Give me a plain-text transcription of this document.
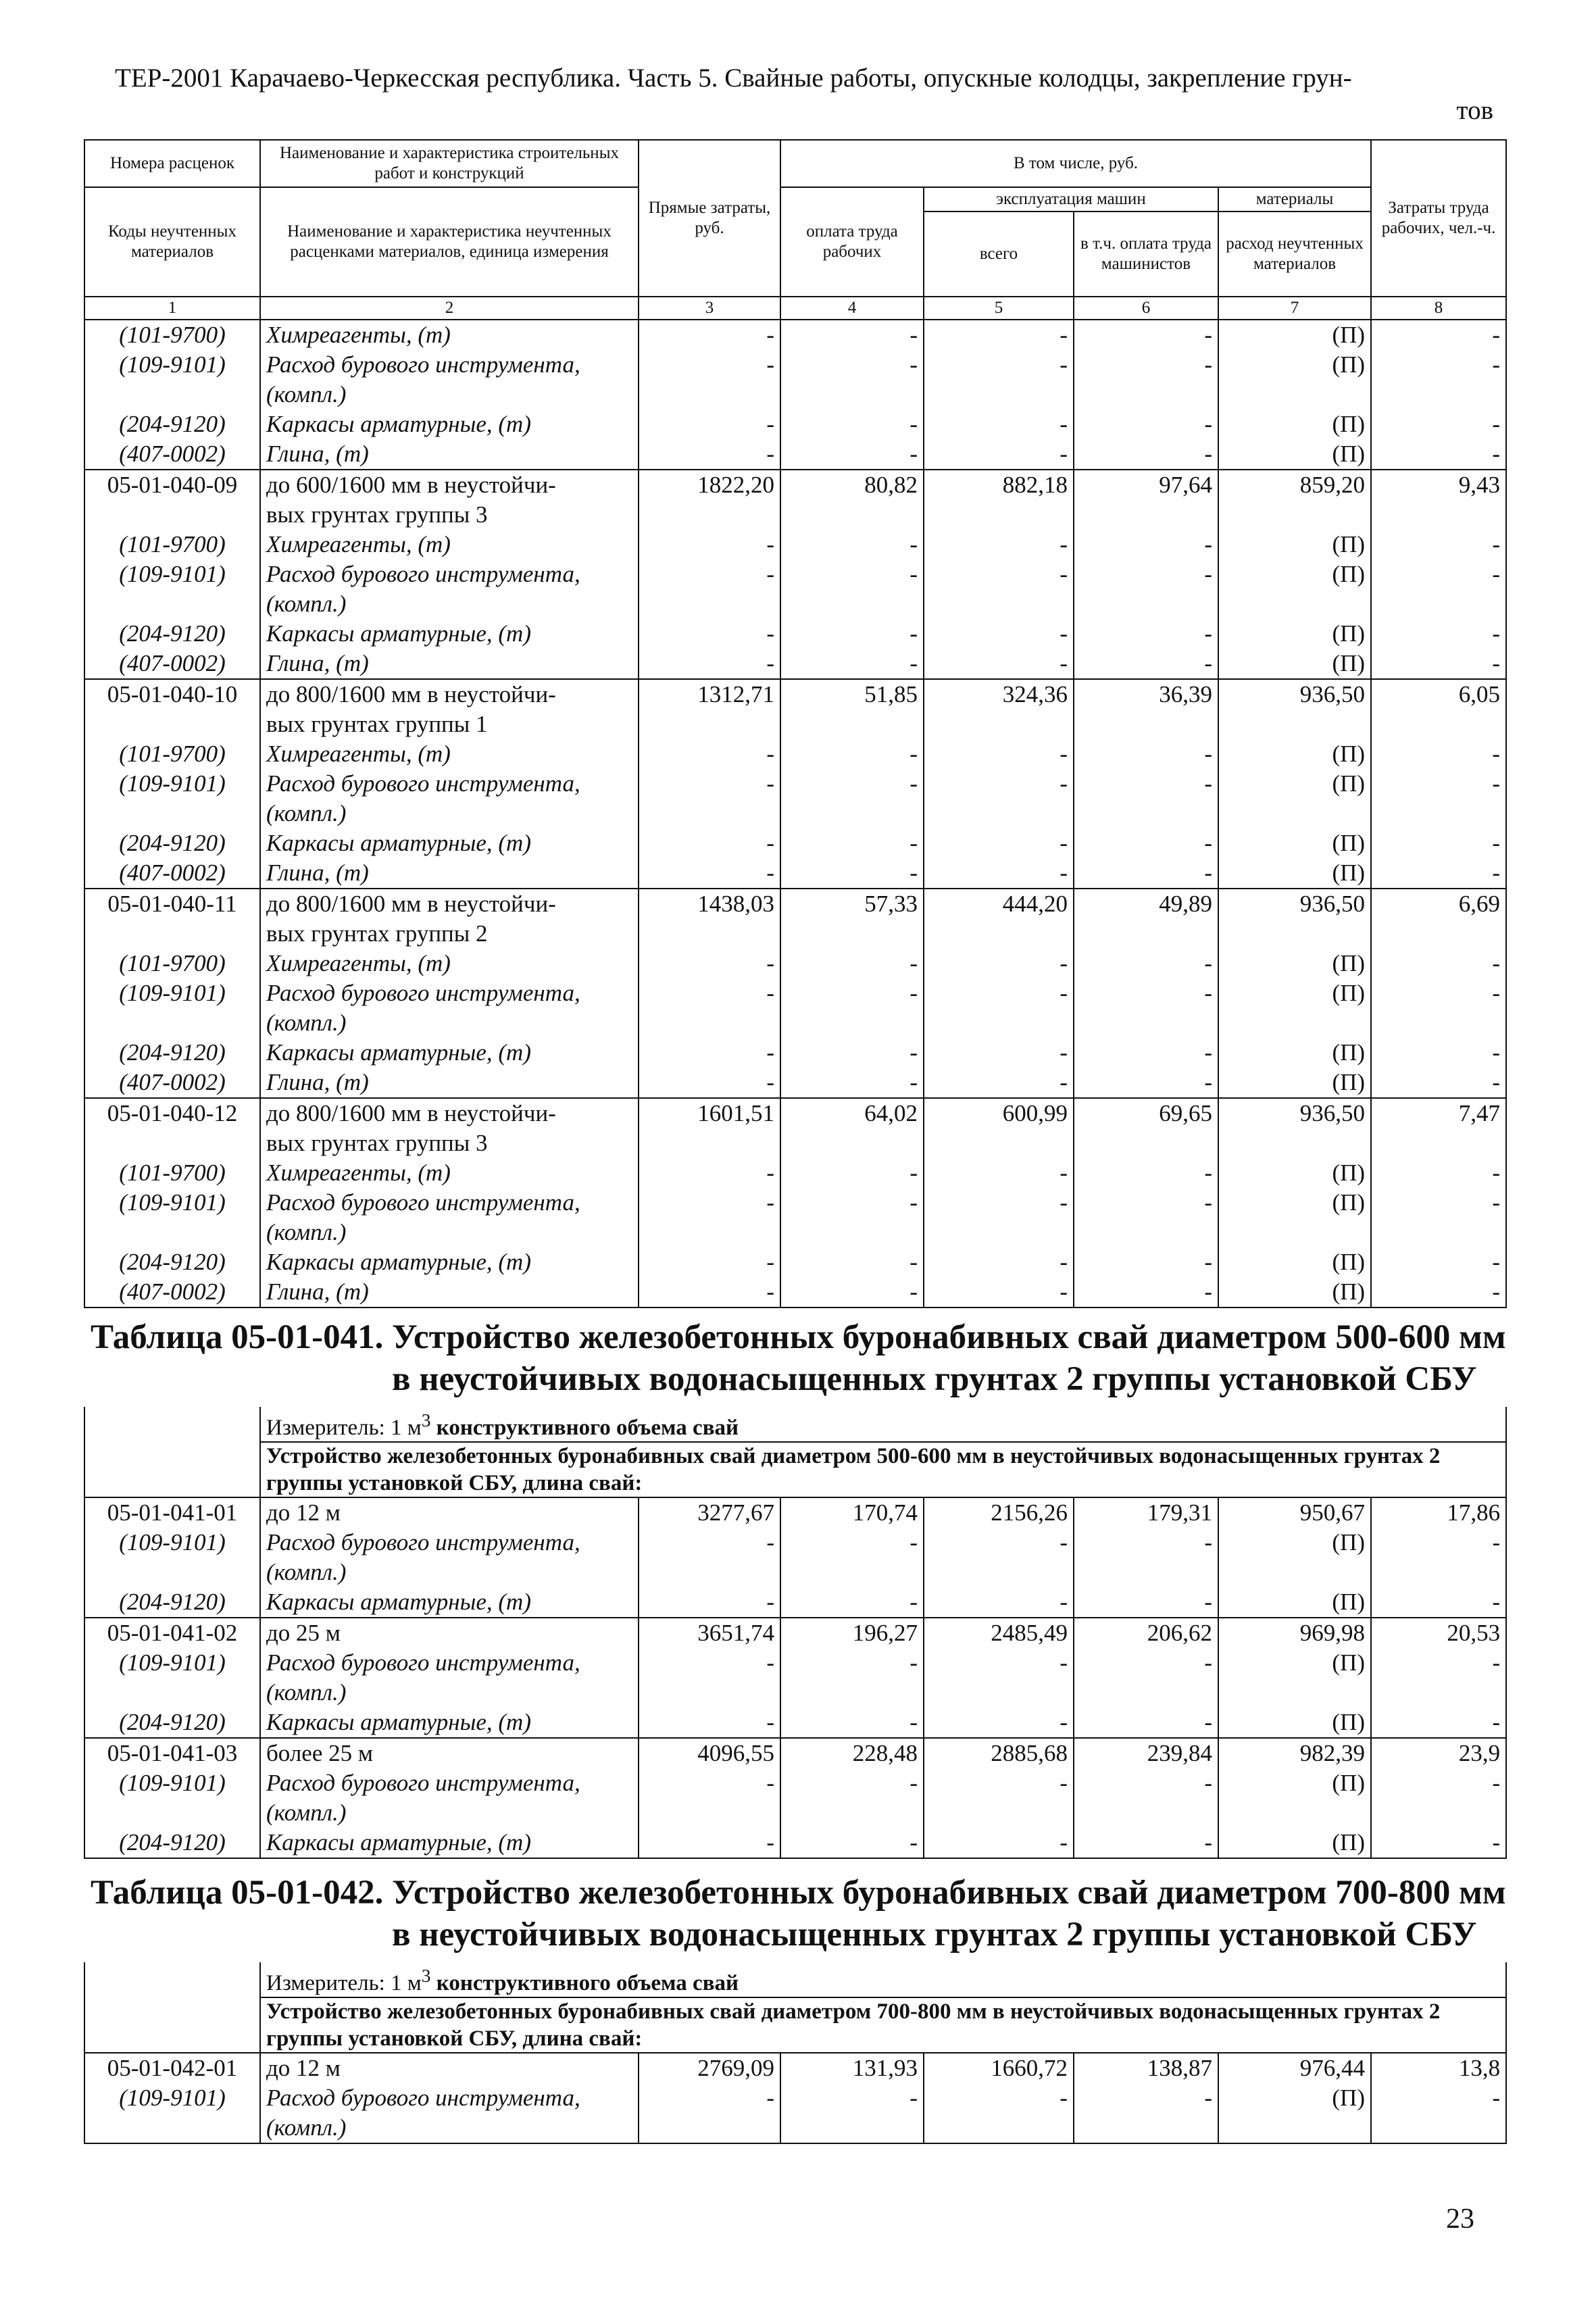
ТЕР-2001 Карачаево-Черкесская республика. Часть 5. Свайные работы, опускные колодцы, закрепление грун-
тов
Номера расценок	Наименование и характеристика строительных работ и конструкций	Прямые затраты, руб.	В том числе, руб.				Затраты труда рабочих, чел.-ч.
Коды неучтенных материалов	Наименование и характеристика неучтенных расценками материалов, единица измерения		оплата труда рабочих	эксплуатация машин		материалы	
				всего	в т.ч. оплата труда машинистов	расход неучтенных материалов	
1	2	3	4	5	6	7	8
(101-9700)	Химреагенты, (т)	-	-	-	-	(П)	-
(109-9101)	Расход бурового инструмента,	-	-	-	-	(П)	-
	(компл.)						
(204-9120)	Каркасы арматурные, (т)	-	-	-	-	(П)	-
(407-0002)	Глина, (т)	-	-	-	-	(П)	-
05-01-040-09	до 600/1600 мм в неустойчи-	1822,20	80,82	882,18	97,64	859,20	9,43
	вых грунтах группы 3						
(101-9700)	Химреагенты, (т)	-	-	-	-	(П)	-
(109-9101)	Расход бурового инструмента,	-	-	-	-	(П)	-
	(компл.)						
(204-9120)	Каркасы арматурные, (т)	-	-	-	-	(П)	-
(407-0002)	Глина, (т)	-	-	-	-	(П)	-
05-01-040-10	до 800/1600 мм в неустойчи-	1312,71	51,85	324,36	36,39	936,50	6,05
	вых грунтах группы 1						
(101-9700)	Химреагенты, (т)	-	-	-	-	(П)	-
(109-9101)	Расход бурового инструмента,	-	-	-	-	(П)	-
	(компл.)						
(204-9120)	Каркасы арматурные, (т)	-	-	-	-	(П)	-
(407-0002)	Глина, (т)	-	-	-	-	(П)	-
05-01-040-11	до 800/1600 мм в неустойчи-	1438,03	57,33	444,20	49,89	936,50	6,69
	вых грунтах группы 2						
(101-9700)	Химреагенты, (т)	-	-	-	-	(П)	-
(109-9101)	Расход бурового инструмента,	-	-	-	-	(П)	-
	(компл.)						
(204-9120)	Каркасы арматурные, (т)	-	-	-	-	(П)	-
(407-0002)	Глина, (т)	-	-	-	-	(П)	-
05-01-040-12	до 800/1600 мм в неустойчи-	1601,51	64,02	600,99	69,65	936,50	7,47
	вых грунтах группы 3						
(101-9700)	Химреагенты, (т)	-	-	-	-	(П)	-
(109-9101)	Расход бурового инструмента,	-	-	-	-	(П)	-
	(компл.)						
(204-9120)	Каркасы арматурные, (т)	-	-	-	-	(П)	-
(407-0002)	Глина, (т)	-	-	-	-	(П)	-
Таблица 05-01-041. Устройство железобетонных буронабивных свай диаметром 500-600 мм
в неустойчивых водонасыщенных грунтах 2 группы установкой СБУ
	Измеритель: 1 $м^3$ конструктивного объема свай						
	Устройство железобетонных буронабивных свай диаметром 500-600 мм в неустойчивых водонасыщенных грунтах 2 группы установкой СБУ, длина свай:						
05-01-041-01	до 12 м	3277,67	170,74	2156,26	179,31	950,67	17,86
(109-9101)	Расход бурового инструмента,	-	-	-	-	(П)	-
	(компл.)						
(204-9120)	Каркасы арматурные, (т)	-	-	-	-	(П)	-
05-01-041-02	до 25 м	3651,74	196,27	2485,49	206,62	969,98	20,53
(109-9101)	Расход бурового инструмента,	-	-	-	-	(П)	-
	(компл.)						
(204-9120)	Каркасы арматурные, (т)	-	-	-	-	(П)	-
05-01-041-03	более 25 м	4096,55	228,48	2885,68	239,84	982,39	23,9
(109-9101)	Расход бурового инструмента,	-	-	-	-	(П)	-
	(компл.)						
(204-9120)	Каркасы арматурные, (т)	-	-	-	-	(П)	-
Таблица 05-01-042. Устройство железобетонных буронабивных свай диаметром 700-800 мм
в неустойчивых водонасыщенных грунтах 2 группы установкой СБУ
	Измеритель: 1 $м^3$ конструктивного объема свай						
	Устройство железобетонных буронабивных свай диаметром 700-800 мм в неустойчивых водонасыщенных грунтах 2 группы установкой СБУ, длина свай:						
05-01-042-01	до 12 м	2769,09	131,93	1660,72	138,87	976,44	13,8
(109-9101)	Расход бурового инструмента,	-	-	-	-	(П)	-
	(компл.)						
23
